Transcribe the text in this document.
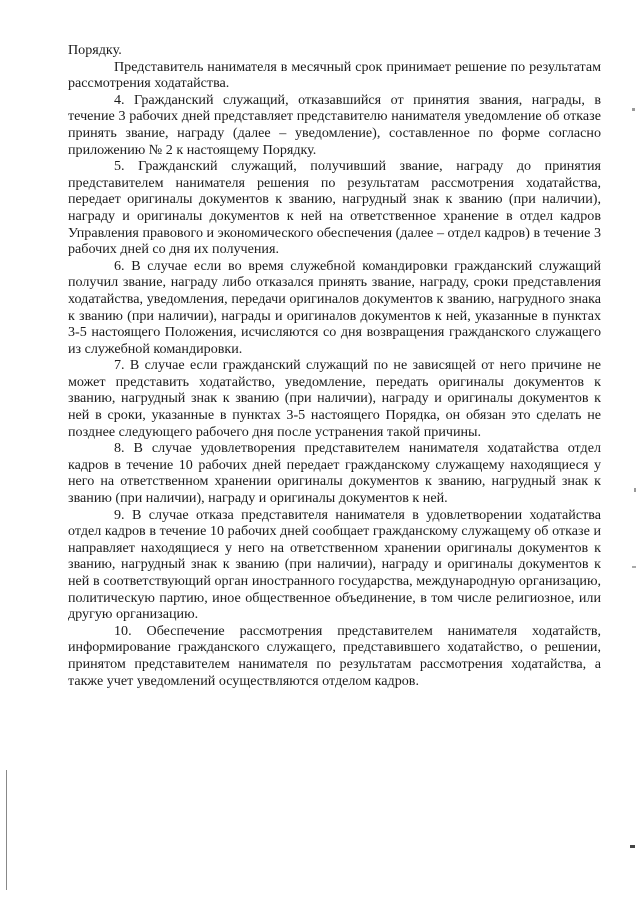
Порядку.

Представитель нанимателя в месячный срок принимает решение по результатам рассмотрения ходатайства.

4. Гражданский служащий, отказавшийся от принятия звания, награды, в течение 3 рабочих дней представляет представителю нанимателя уведомление об отказе принять звание, награду (далее – уведомление), составленное по форме согласно приложению № 2 к настоящему Порядку.

5. Гражданский служащий, получивший звание, награду до принятия представителем нанимателя решения по результатам рассмотрения ходатайства, передает оригиналы документов к званию, нагрудный знак к званию (при наличии), награду и оригиналы документов к ней на ответственное хранение в отдел кадров Управления правового и экономического обеспечения (далее – отдел кадров) в течение 3 рабочих дней со дня их получения.

6. В случае если во время служебной командировки гражданский служащий получил звание, награду либо отказался принять звание, награду, сроки представления ходатайства, уведомления, передачи оригиналов документов к званию, нагрудного знака к званию (при наличии), награды и оригиналов документов к ней, указанные в пунктах 3-5 настоящего Положения, исчисляются со дня возвращения гражданского служащего из служебной командировки.

7. В случае если гражданский служащий по не зависящей от него причине не может представить ходатайство, уведомление, передать оригиналы документов к званию, нагрудный знак к званию (при наличии), награду и оригиналы документов к ней в сроки, указанные в пунктах 3-5 настоящего Порядка, он обязан это сделать не позднее следующего рабочего дня после устранения такой причины.

8. В случае удовлетворения представителем нанимателя ходатайства отдел кадров в течение 10 рабочих дней передает гражданскому служащему находящиеся у него на ответственном хранении оригиналы документов к званию, нагрудный знак к званию (при наличии), награду и оригиналы документов к ней.

9. В случае отказа представителя нанимателя в удовлетворении ходатайства отдел кадров в течение 10 рабочих дней сообщает гражданскому служащему об отказе и направляет находящиеся у него на ответственном хранении оригиналы документов к званию, нагрудный знак к званию (при наличии), награду и оригиналы документов к ней в соответствующий орган иностранного государства, международную организацию, политическую партию, иное общественное объединение, в том числе религиозное, или другую организацию.

10. Обеспечение рассмотрения представителем нанимателя ходатайств, информирование гражданского служащего, представившего ходатайство, о решении, принятом представителем нанимателя по результатам рассмотрения ходатайства, а также учет уведомлений осуществляются отделом кадров.
